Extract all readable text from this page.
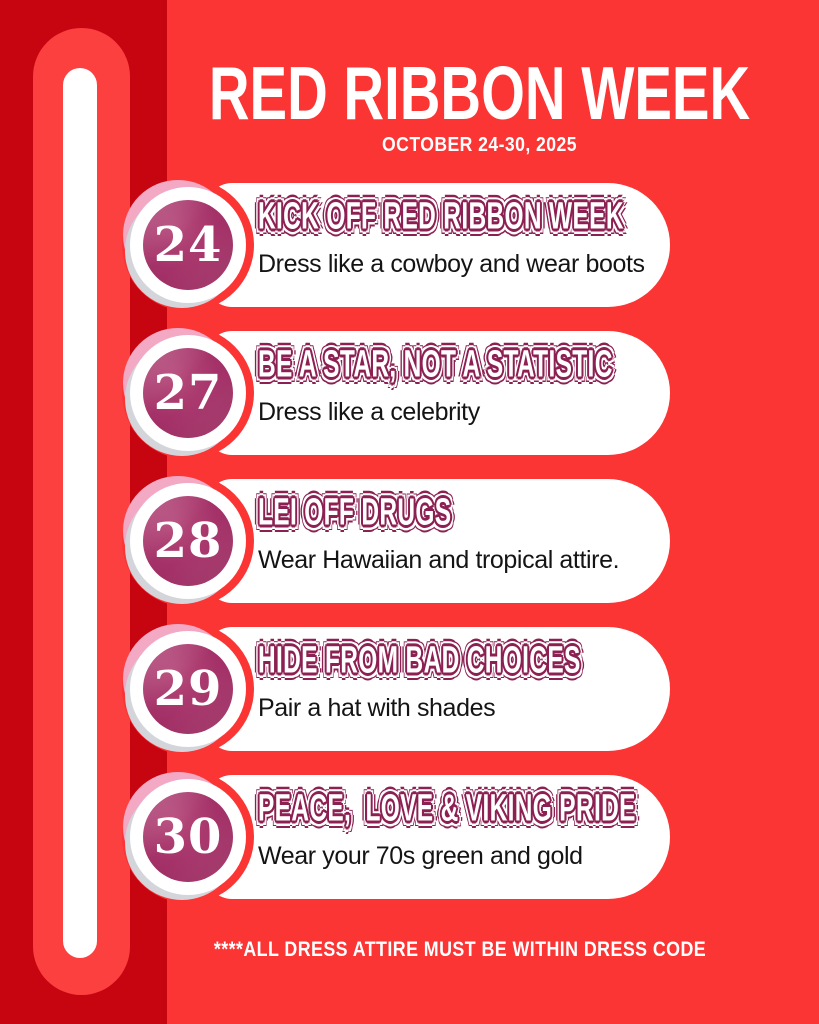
RED RIBBON WEEK
OCTOBER 24-30, 2025
KICK OFF RED RIBBON WEEK
Dress like a cowboy and wear boots
24
BE A STAR, NOT A STATISTIC
Dress like a celebrity
27
LEI OFF DRUGS
Wear Hawaiian and tropical attire.
28
HIDE FROM BAD CHOICES
Pair a hat with shades
29
PEACE,  LOVE & VIKING PRIDE
Wear your 70s green and gold
30
****ALL DRESS ATTIRE MUST BE WITHIN DRESS CODE
